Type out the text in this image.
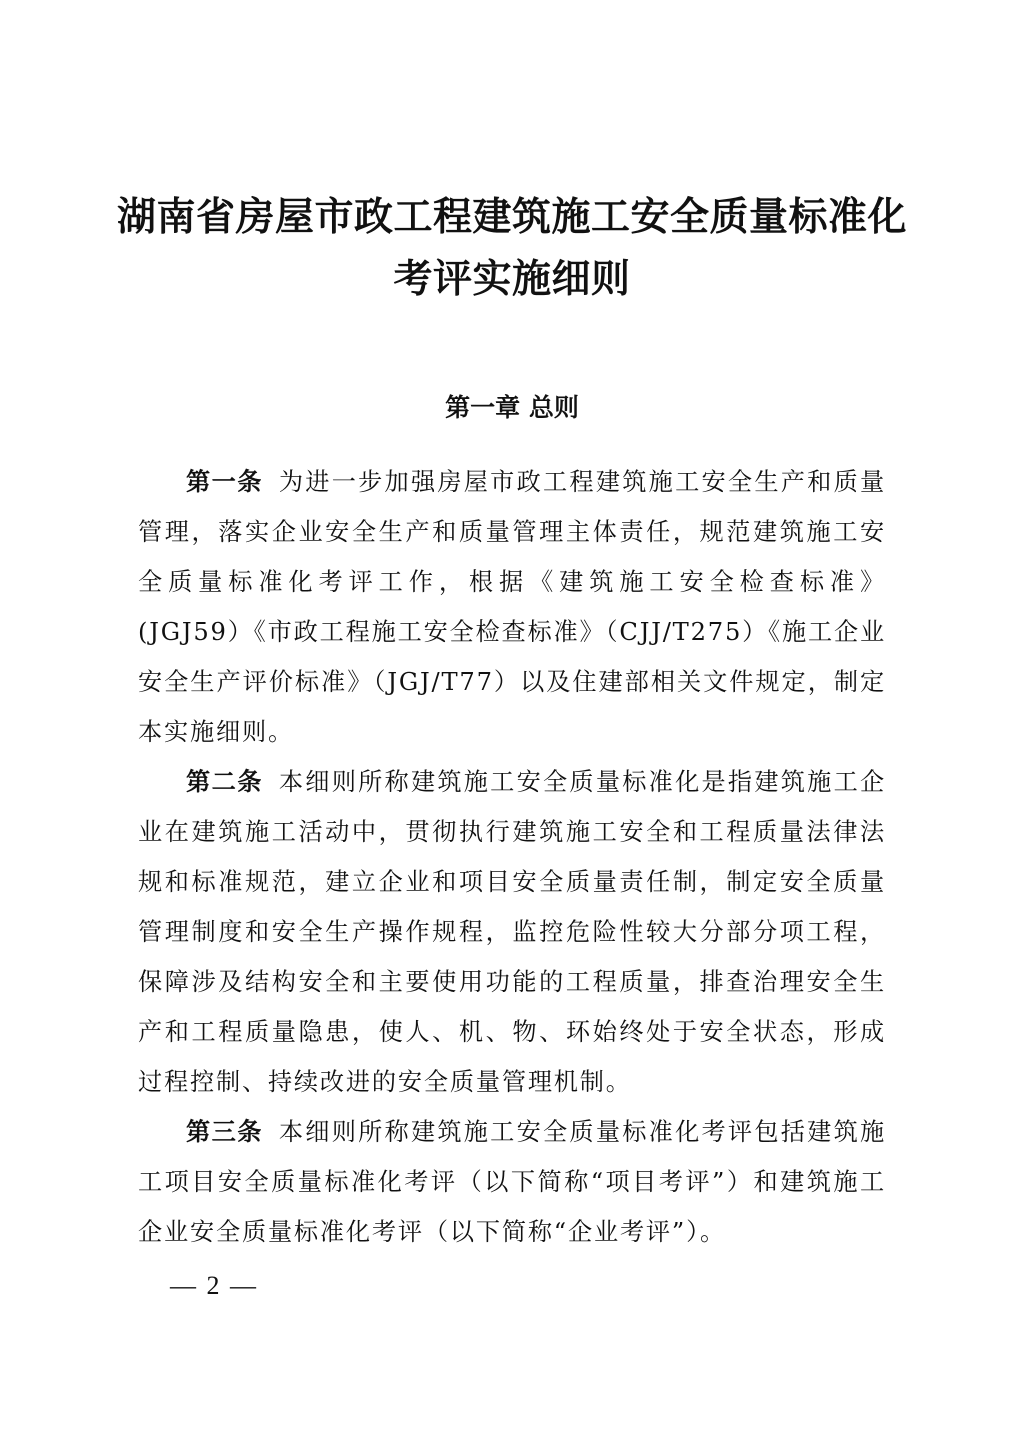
湖南省房屋市政工程建筑施工安全质量标准化
考评实施细则
第一章 总则

第一条 为进一步加强房屋市政工程建筑施工安全生产和质量管理，落实企业安全生产和质量管理主体责任，规范建筑施工安全质量标准化考评工作，根据《建筑施工安全检查标准》(JGJ59）《市政工程施工安全检查标准》（CJJ/T275）《施工企业安全生产评价标准》（JGJ/T77）以及住建部相关文件规定，制定本实施细则。

第二条 本细则所称建筑施工安全质量标准化是指建筑施工企业在建筑施工活动中，贯彻执行建筑施工安全和工程质量法律法规和标准规范，建立企业和项目安全质量责任制，制定安全质量管理制度和安全生产操作规程，监控危险性较大分部分项工程，保障涉及结构安全和主要使用功能的工程质量，排查治理安全生产和工程质量隐患，使人、机、物、环始终处于安全状态，形成过程控制、持续改进的安全质量管理机制。

第三条 本细则所称建筑施工安全质量标准化考评包括建筑施工项目安全质量标准化考评（以下简称“项目考评”）和建筑施工企业安全质量标准化考评（以下简称“企业考评”）。

— 2 —
